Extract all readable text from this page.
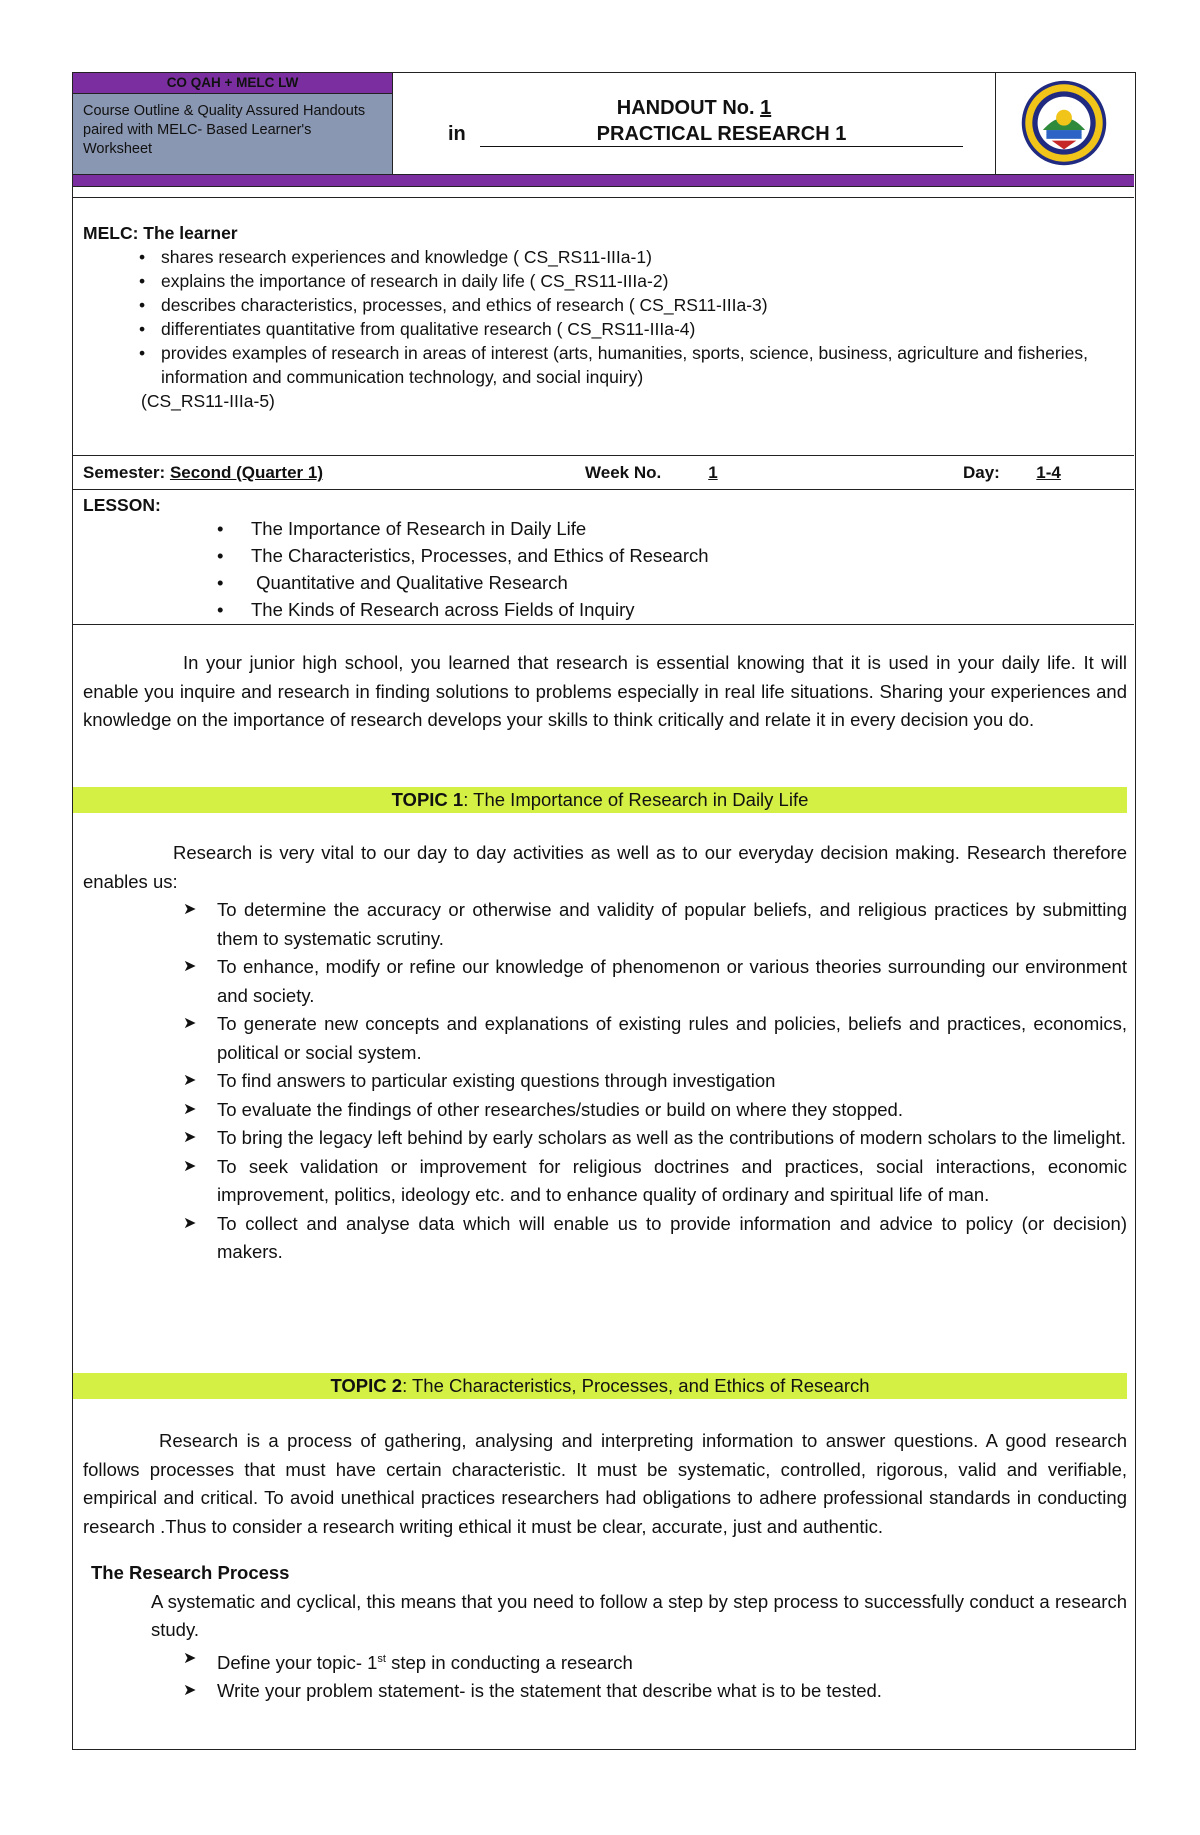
CO QAH + MELC LW
Course Outline & Quality Assured Handouts paired with MELC- Based Learner's Worksheet
HANDOUT No. 1
in	PRACTICAL RESEARCH 1
MELC: The learner
• shares research experiences and knowledge ( CS_RS11-IIIa-1)
• explains the importance of research in daily life ( CS_RS11-IIIa-2)
• describes characteristics, processes, and ethics of research ( CS_RS11-IIIa-3)
• differentiates quantitative from qualitative research ( CS_RS11-IIIa-4)
• provides examples of research in areas of interest (arts, humanities, sports, science, business, agriculture and fisheries, information and communication technology, and social inquiry)
(CS_RS11-IIIa-5)
Semester: Second (Quarter 1)	Week No.	1	Day: 1-4
LESSON:
• The Importance of Research in Daily Life
• The Characteristics, Processes, and Ethics of Research
•  Quantitative and Qualitative Research
• The Kinds of Research across Fields of Inquiry
In your junior high school, you learned that research is essential knowing that it is used in your daily life. It will enable you inquire and research in finding solutions to problems especially in real life situations. Sharing your experiences and knowledge on the importance of research develops your skills to think critically and relate it in every decision you do.
TOPIC 1: The Importance of Research in Daily Life
Research is very vital to our day to day activities as well as to our everyday decision making. Research therefore enables us:
➤ To determine the accuracy or otherwise and validity of popular beliefs, and religious practices by submitting them to systematic scrutiny.
➤ To enhance, modify or refine our knowledge of phenomenon or various theories surrounding our environment and society.
➤ To generate new concepts and explanations of existing rules and policies, beliefs and practices, economics, political or social system.
➤ To find answers to particular existing questions through investigation
➤ To evaluate the findings of other researches/studies or build on where they stopped.
➤ To bring the legacy left behind by early scholars as well as the contributions of modern scholars to the limelight.
➤ To seek validation or improvement for religious doctrines and practices, social interactions, economic improvement, politics, ideology etc. and to enhance quality of ordinary and spiritual life of man.
➤ To collect and analyse data which will enable us to provide information and advice to policy (or decision) makers.
TOPIC 2: The Characteristics, Processes, and Ethics of Research
Research is a process of gathering, analysing and interpreting information to answer questions. A good research follows processes that must have certain characteristic. It must be systematic, controlled, rigorous, valid and verifiable, empirical and critical. To avoid unethical practices researchers had obligations to adhere professional standards in conducting research .Thus to consider a research writing ethical it must be clear, accurate, just and authentic.
The Research Process
A systematic and cyclical, this means that you need to follow a step by step process to successfully conduct a research study.
➤ Define your topic- 1st step in conducting a research
➤ Write your problem statement- is the statement that describe what is to be tested.
